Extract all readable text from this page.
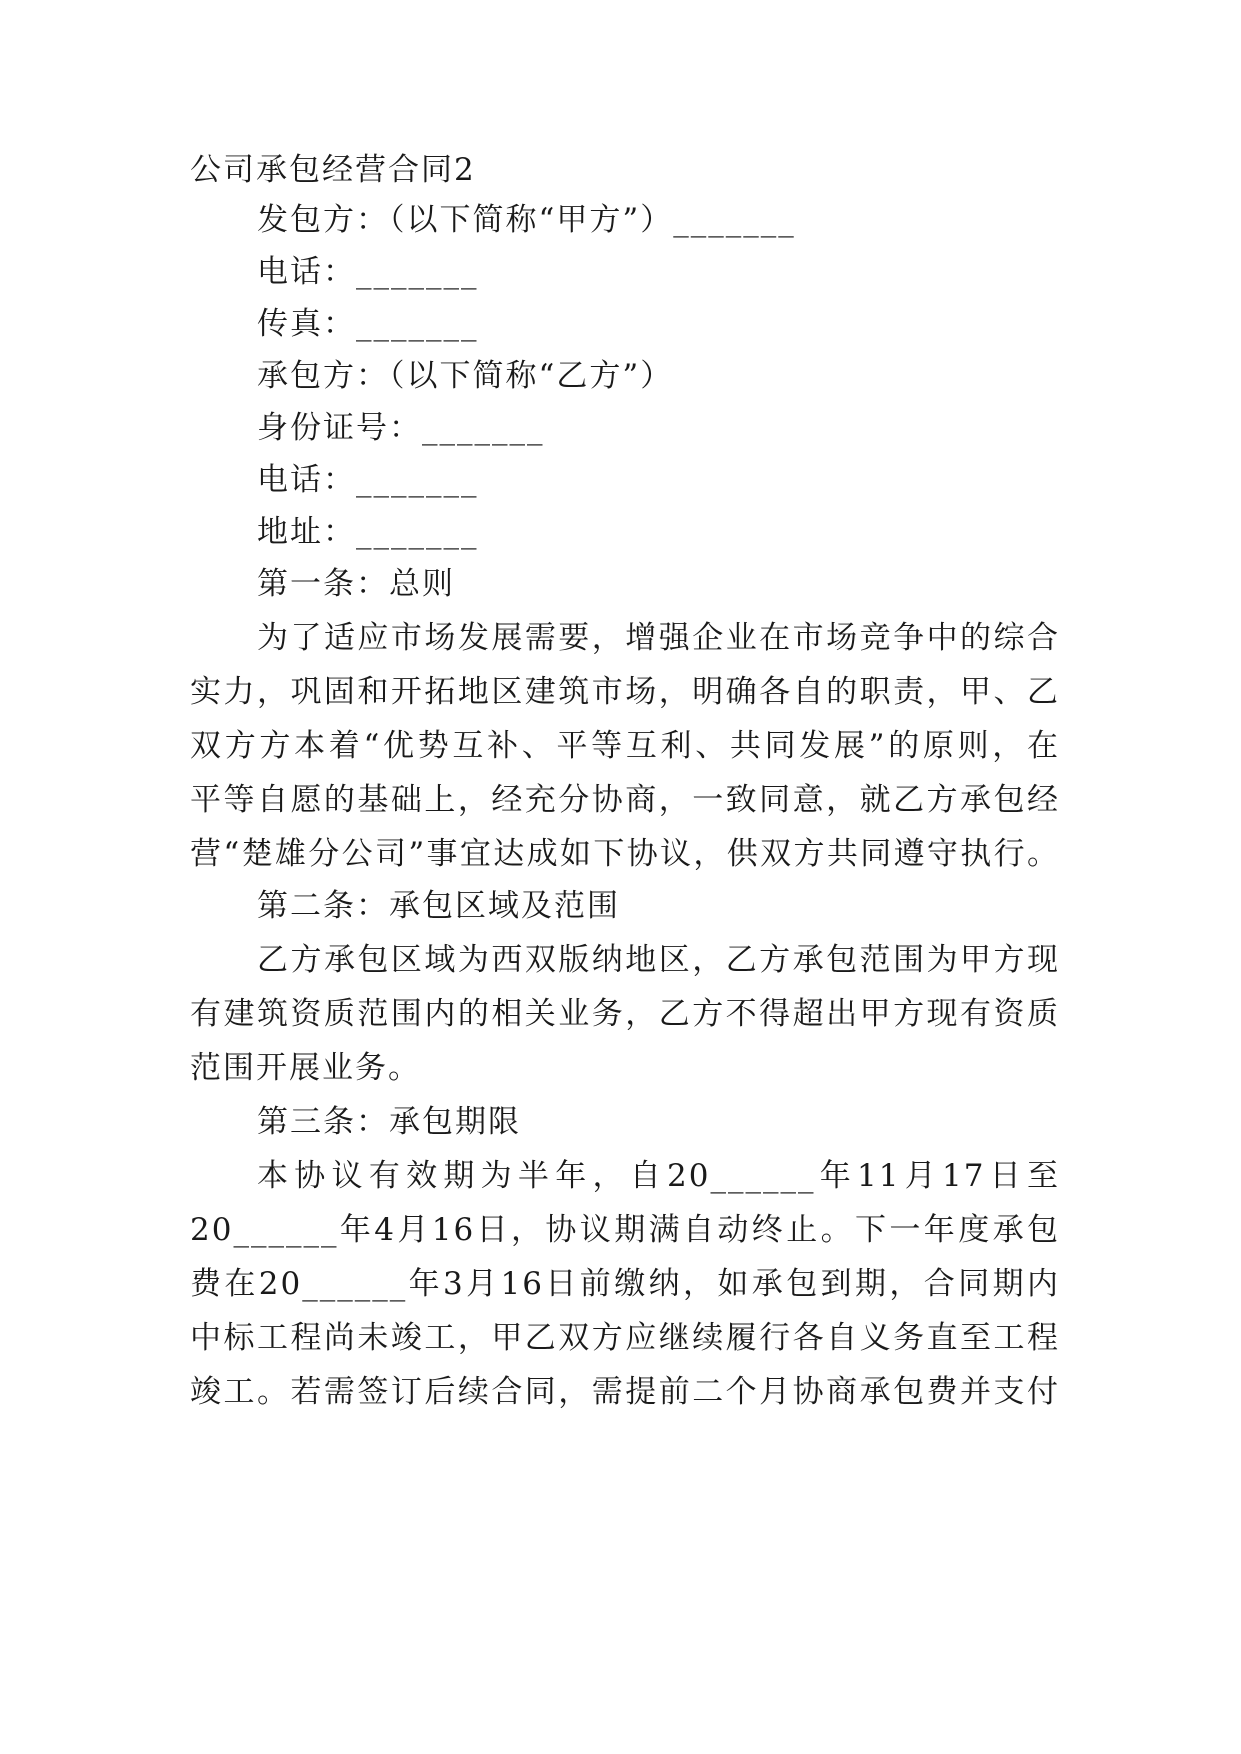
公司承包经营合同2
发包方：（以下简称“甲方”）_______
电话：_______
传真：_______
承包方：（以下简称“乙方”）
身份证号：_______
电话：_______
地址：_______
第一条：总则
为了适应市场发展需要，增强企业在市场竞争中的综合
实力，巩固和开拓地区建筑市场，明确各自的职责，甲、乙
双方方本着“优势互补、平等互利、共同发展”的原则，在
平等自愿的基础上，经充分协商，一致同意，就乙方承包经
营“楚雄分公司”事宜达成如下协议，供双方共同遵守执行。
第二条：承包区域及范围
乙方承包区域为西双版纳地区，乙方承包范围为甲方现
有建筑资质范围内的相关业务，乙方不得超出甲方现有资质
范围开展业务。
第三条：承包期限
本协议有效期为半年，自20______年11月17日至
20______年4月16日，协议期满自动终止。下一年度承包
费在20______年3月16日前缴纳，如承包到期，合同期内
中标工程尚未竣工，甲乙双方应继续履行各自义务直至工程
竣工。若需签订后续合同，需提前二个月协商承包费并支付
